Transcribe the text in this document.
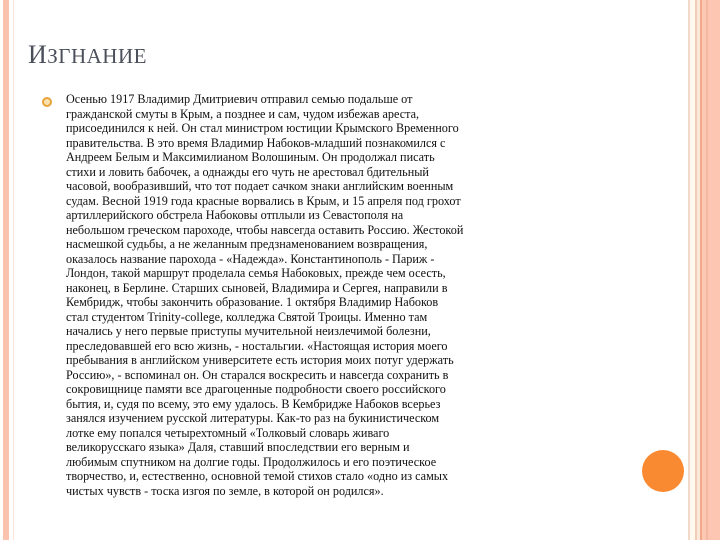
ИЗГНАНИЕ
Осенью 1917 Владимир Дмитриевич отправил семью подальше от
гражданской смуты в Крым, а позднее и сам, чудом избежав ареста,
присоединился к ней. Он стал министром юстиции Крымского Временного
правительства. В это время Владимир Набоков-младший познакомился с
Андреем Белым и Максимилианом Волошиным. Он продолжал писать
стихи и ловить бабочек, а однажды его чуть не арестовал бдительный
часовой, вообразивший, что тот подает сачком знаки английским военным
судам. Весной 1919 года красные ворвались в Крым, и 15 апреля под грохот
артиллерийского обстрела Набоковы отплыли из Севастополя на
небольшом греческом пароходе, чтобы навсегда оставить Россию. Жестокой
насмешкой судьбы, а не желанным предзнаменованием возвращения,
оказалось название парохода - «Надежда». Константинополь - Париж -
Лондон, такой маршрут проделала семья Набоковых, прежде чем осесть,
наконец, в Берлине. Старших сыновей, Владимира и Сергея, направили в
Кембридж, чтобы закончить образование. 1 октября Владимир Набоков
стал студентом Trinity-college, колледжа Святой Троицы. Именно там
начались у него первые приступы мучительной неизлечимой болезни,
преследовавшей его всю жизнь, - ностальгии. «Настоящая история моего
пребывания в английском университете есть история моих потуг удержать
Россию», - вспоминал он. Он старался воскресить и навсегда сохранить в
сокровищнице памяти все драгоценные подробности своего российского
бытия, и, судя по всему, это ему удалось. В Кембридже Набоков всерьез
занялся изучением русской литературы. Как-то раз на букинистическом
лотке ему попался четырехтомный «Толковый словарь живаго
великорусскаго языка» Даля, ставший впоследствии его верным и
любимым спутником на долгие годы. Продолжилось и его поэтическое
творчество, и, естественно, основной темой стихов стало «одно из самых
чистых чувств - тоска изгоя по земле, в которой он родился».
